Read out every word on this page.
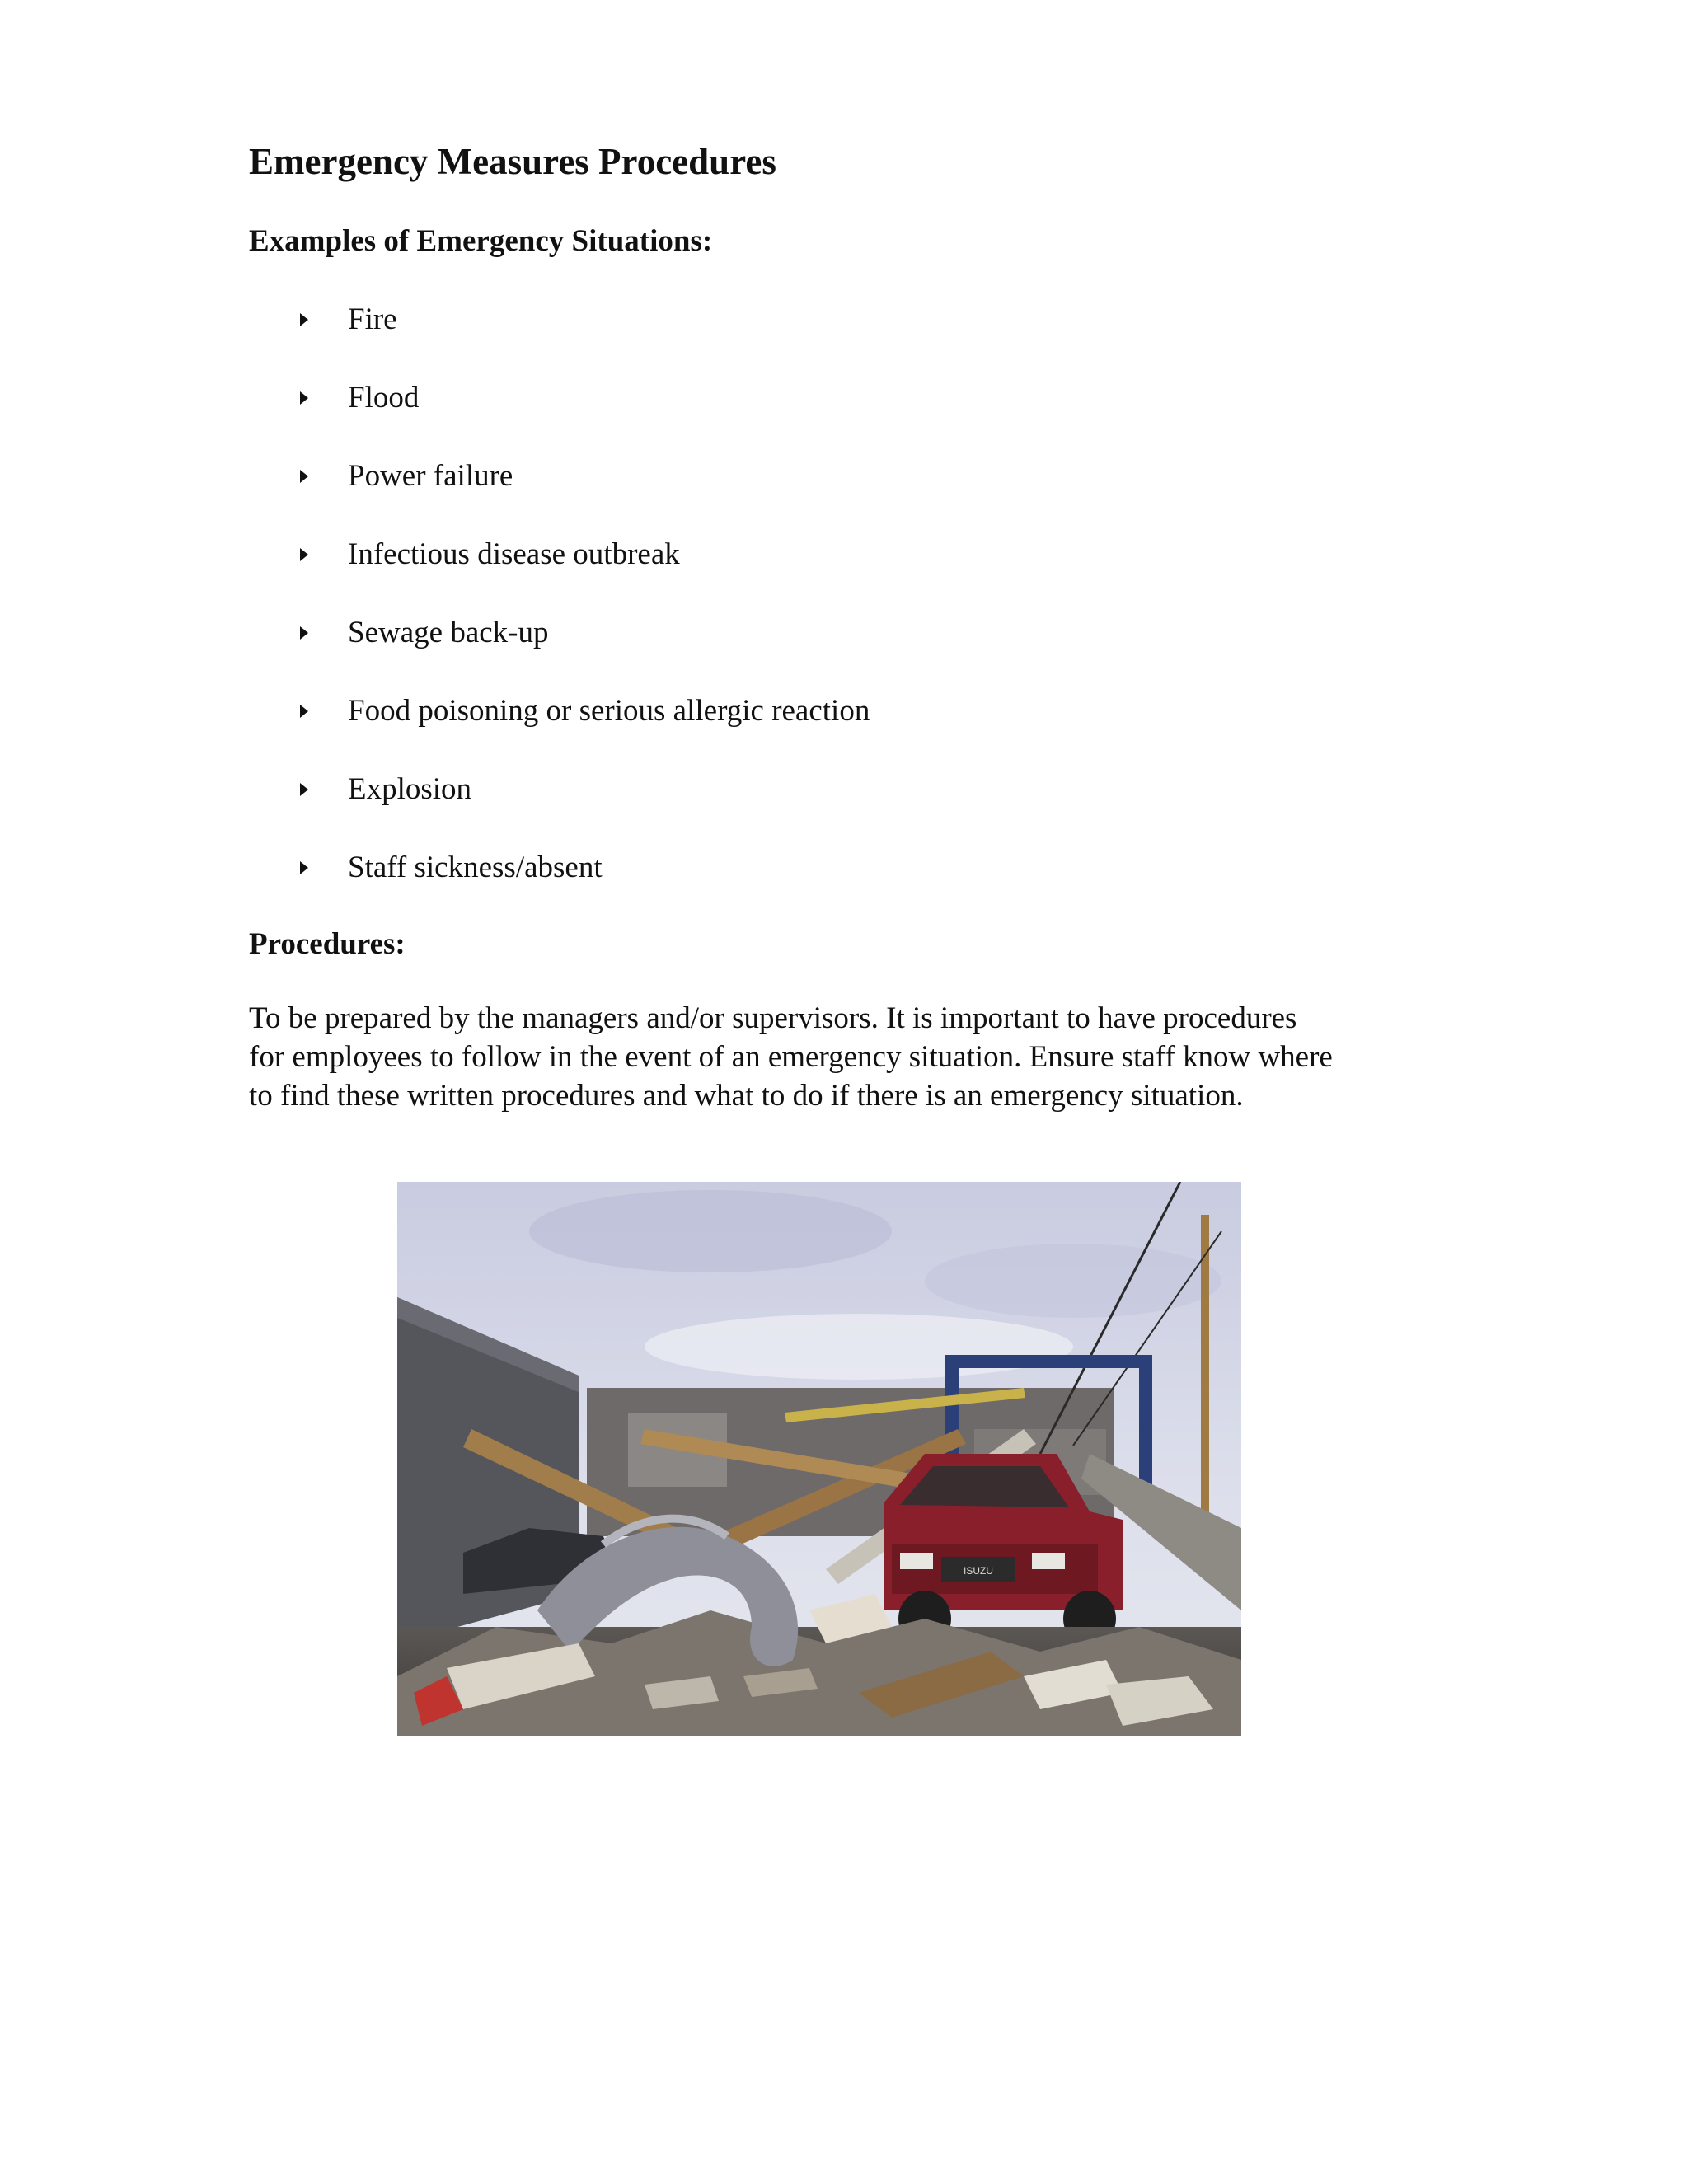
Emergency Measures Procedures
Examples of Emergency Situations:
Fire
Flood
Power failure
Infectious disease outbreak
Sewage back-up
Food poisoning or serious allergic reaction
Explosion
Staff sickness/absent
Procedures:

To be prepared by the managers and/or supervisors. It is important to have procedures
for employees to follow in the event of an emergency situation. Ensure staff know where
to find these written procedures and what to do if there is an emergency situation.

ISUZU
